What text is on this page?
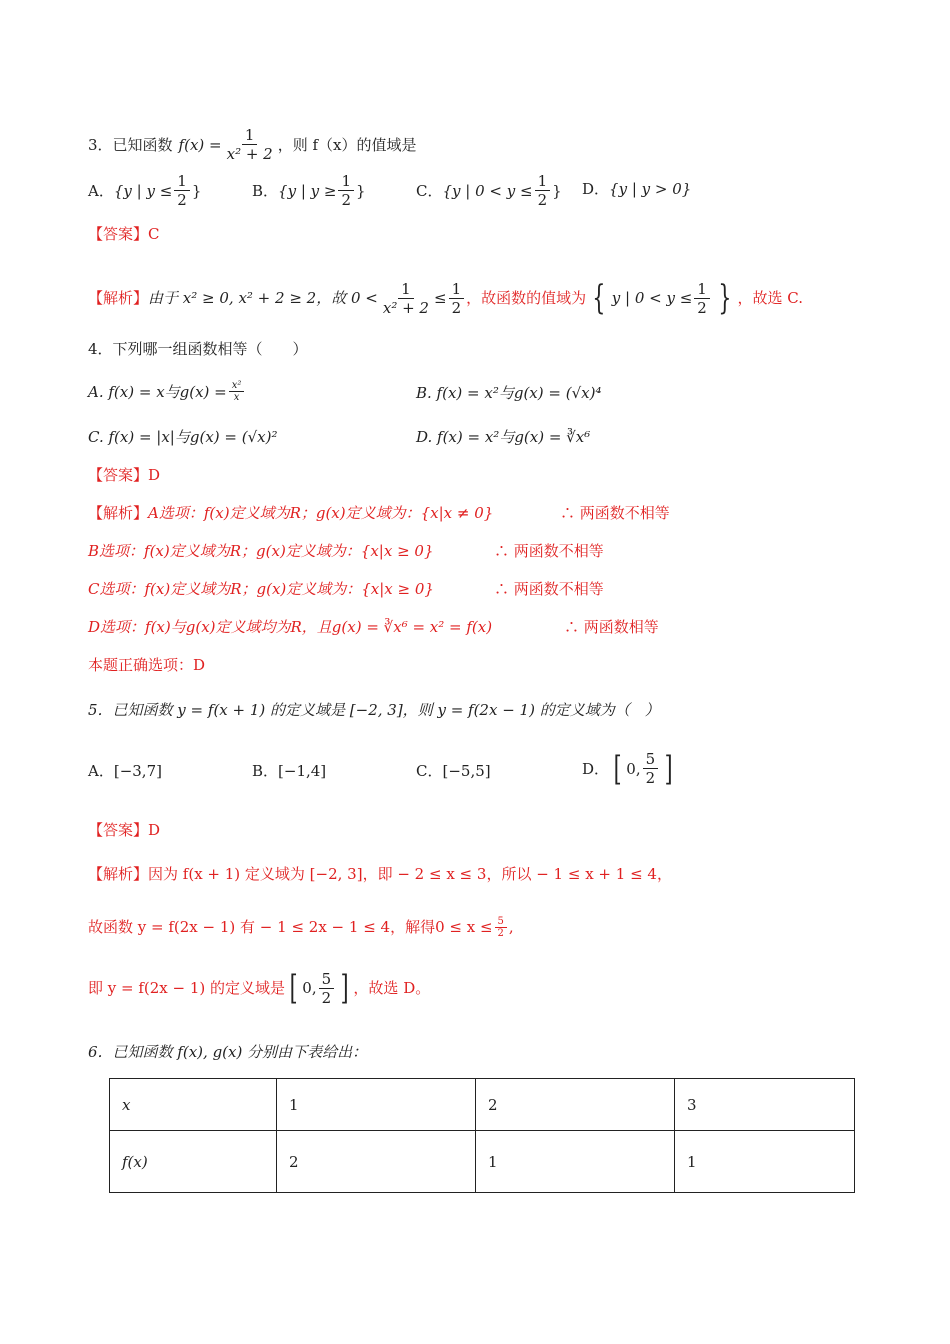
3．已知函数 $f(x) = \frac{1}{\text{x² + 2}}$ ，则 f（x）的值域是
A． {y | $y \le \frac{1}{2}$ }	B． {y | $y \ge \frac{1}{2}$ }	C． {y | $0 < y \le \frac{1}{2}$ } D． {y | y > 0}
【答案】C
【解析】 由于 x² ≥ 0, x² + 2 ≥ 2，故 $0 < \frac{1}{\text{x² + 2}} \le \frac{1}{2}$ ，故函数的值域为 { y | $0 < y \le \frac{1}{2}$ } ，故选 C.
4．下列哪一组函数相等（　　）
A. f(x) = x与$g(x) = \frac{\text{x²}}{x}$	B. f(x) = x²与g(x) = (√x)⁴
C. f(x) = |x|与g(x) = (√x)²	D. f(x) = x²与g(x) = ∛x⁶
【答案】D
【解析】 A选项：f(x)定义域为R；g(x)定义域为：{x|x ≠ 0}	∴ 两函数不相等
B选项：f(x)定义域为R；g(x)定义域为：{x|x ≥ 0}	∴ 两函数不相等
C选项：f(x)定义域为R；g(x)定义域为：{x|x ≥ 0}	∴ 两函数不相等
D选项：f(x)与g(x)定义域均为R，且g(x) = ∛x⁶ = x² = f(x)	∴ 两函数相等
本题正确选项：D
5．已知函数 y = f(x + 1) 的定义域是 [−2, 3]，则 y = f(2x − 1) 的定义域为（　）
A． [−3,7]	B． [−1,4]	C． [−5,5]	D． [ 0, $\frac{5}{2}$ ]
【答案】D
【解析】 因为 f(x + 1) 定义域为 [−2, 3]，即 − 2 ≤ x ≤ 3，所以 − 1 ≤ x + 1 ≤ 4，
故函数 y = f(2x − 1) 有 − 1 ≤ 2x − 1 ≤ 4，解得$0 \le x \le \frac{5}{2}$ ,
即 y = f(2x − 1) 的定义域是 [ 0, $\frac{5}{2}$ ] ，故选 D。
6．已知函数 f(x), g(x) 分别由下表给出：
x	1	2	3
f(x)	2	1	1
